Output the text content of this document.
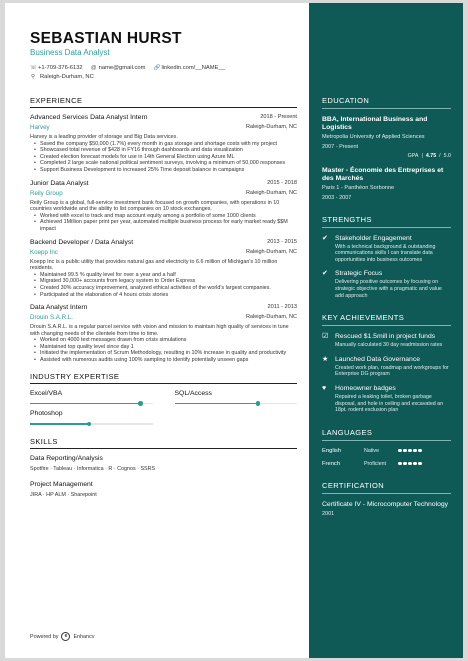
SEBASTIAN HURST
Business Data Analyst
☏ +1-709-376-6132 @ name@gmail.com 🔗 linkedin.com/__NAME__
⚲ Raleigh-Durham, NC
EXPERIENCE
Advanced Services Data Analyst Intern	2018 - Present
Harvey	Raleigh-Durham, NC
Harvey is a leading provider of storage and Big Data services.
• Saved the company $50,000 (1.7%) every month in gas storage and shortage costs with my project
• Showcased total revenue of $428 in FY16 through dashboards and data visualization
• Created election forecast models for use in 14th General Election using Azure ML
• Completed 2 large scale national political sentiment surveys, involving a minimum of 50,000 responses
• Support Business Development to increased 25% Time deposit balance in campaigns
Junior Data Analyst	2015 - 2018
Reily Group	Raleigh-Durham, NC
Reily Group is a global, full-service investment bank focused on growth companies, with operations in 10 countries worldwide and the ability to list companies on 10 stock exchanges.
• Worked with excel to track and map account equity among a portfolio of some 1000 clients
• Achieved 1Million paper print per year, automated multiple business process for early market ready $$M impact
Backend Developer / Data Analyst	2013 - 2015
Koepp Inc	Raleigh-Durham, NC
Koepp Inc is a public utility that provides natural gas and electricity to 6.6 million of Michigan's 10 million residents.
• Maintained 99.5 % quality level for over a year and a half
• Migrated 30,000+ accounts from legacy system to Order Express
• Created 30% accuracy improvement, analyzed ethical activities of the world's largest companies.
• Participated at the elaboration of 4 hours crisis stories
Data Analyst Intern	2011 - 2013
Drouin S.A.R.L.	Raleigh-Durham, NC
Drouin S.A.R.L. is a regular parcel service with vision and mission to maintain high quality of services in tune with changing needs of the clientele from time to time.
• Worked on 4000 text messages drawn from crisis simulations
• Maintained top quality level since day 1
• Initiated the implementation of Scrum Methodology, resulting in 10% increase in quality and productivity
• Assisted with numerous audits using 100% sampling to identify potentially unseen gaps
INDUSTRY EXPERTISE
Excel/VBA	SQL/Access
Photoshop
SKILLS
Data Reporting/Analysis
Spotfire · Tableau · Informatica · R · Cognos · SSRS
Project Management
JIRA · HP ALM · Sharepoint
Powered by	e	Enhancv
EDUCATION
BBA, International Business and Logistics
Metropolia University of Applied Sciences
2007 - Present
GPA | 4.75 / 5.0
Master - Économie des Entreprises et des Marchés
Paris 1 - Panthéon Sorbonne
2003 - 2007
STRENGTHS
✔	Stakeholder Engagement
With a technical background & outstanding communications skills I can translate data opportunities into business outcomes
✔	Strategic Focus
Delivering positive outcomes by focusing on strategic objective with a pragmatic and value add approach
KEY ACHIEVEMENTS
☑ Rescued $1.5mill in project funds
Manually calculated 30 day readmission rates
★ Launched Data Governance
Created work plan, roadmap and workgroups for Enterprise DG program
♥	Homeowner badges
Repaired a leaking toilet, broken garbage disposal, and hole in ceiling and excavated an 18pt. rodent exclusion plan
LANGUAGES
English	Native
French	Proficient
CERTIFICATION
Certificate IV - Microcomputer Technology
2001
